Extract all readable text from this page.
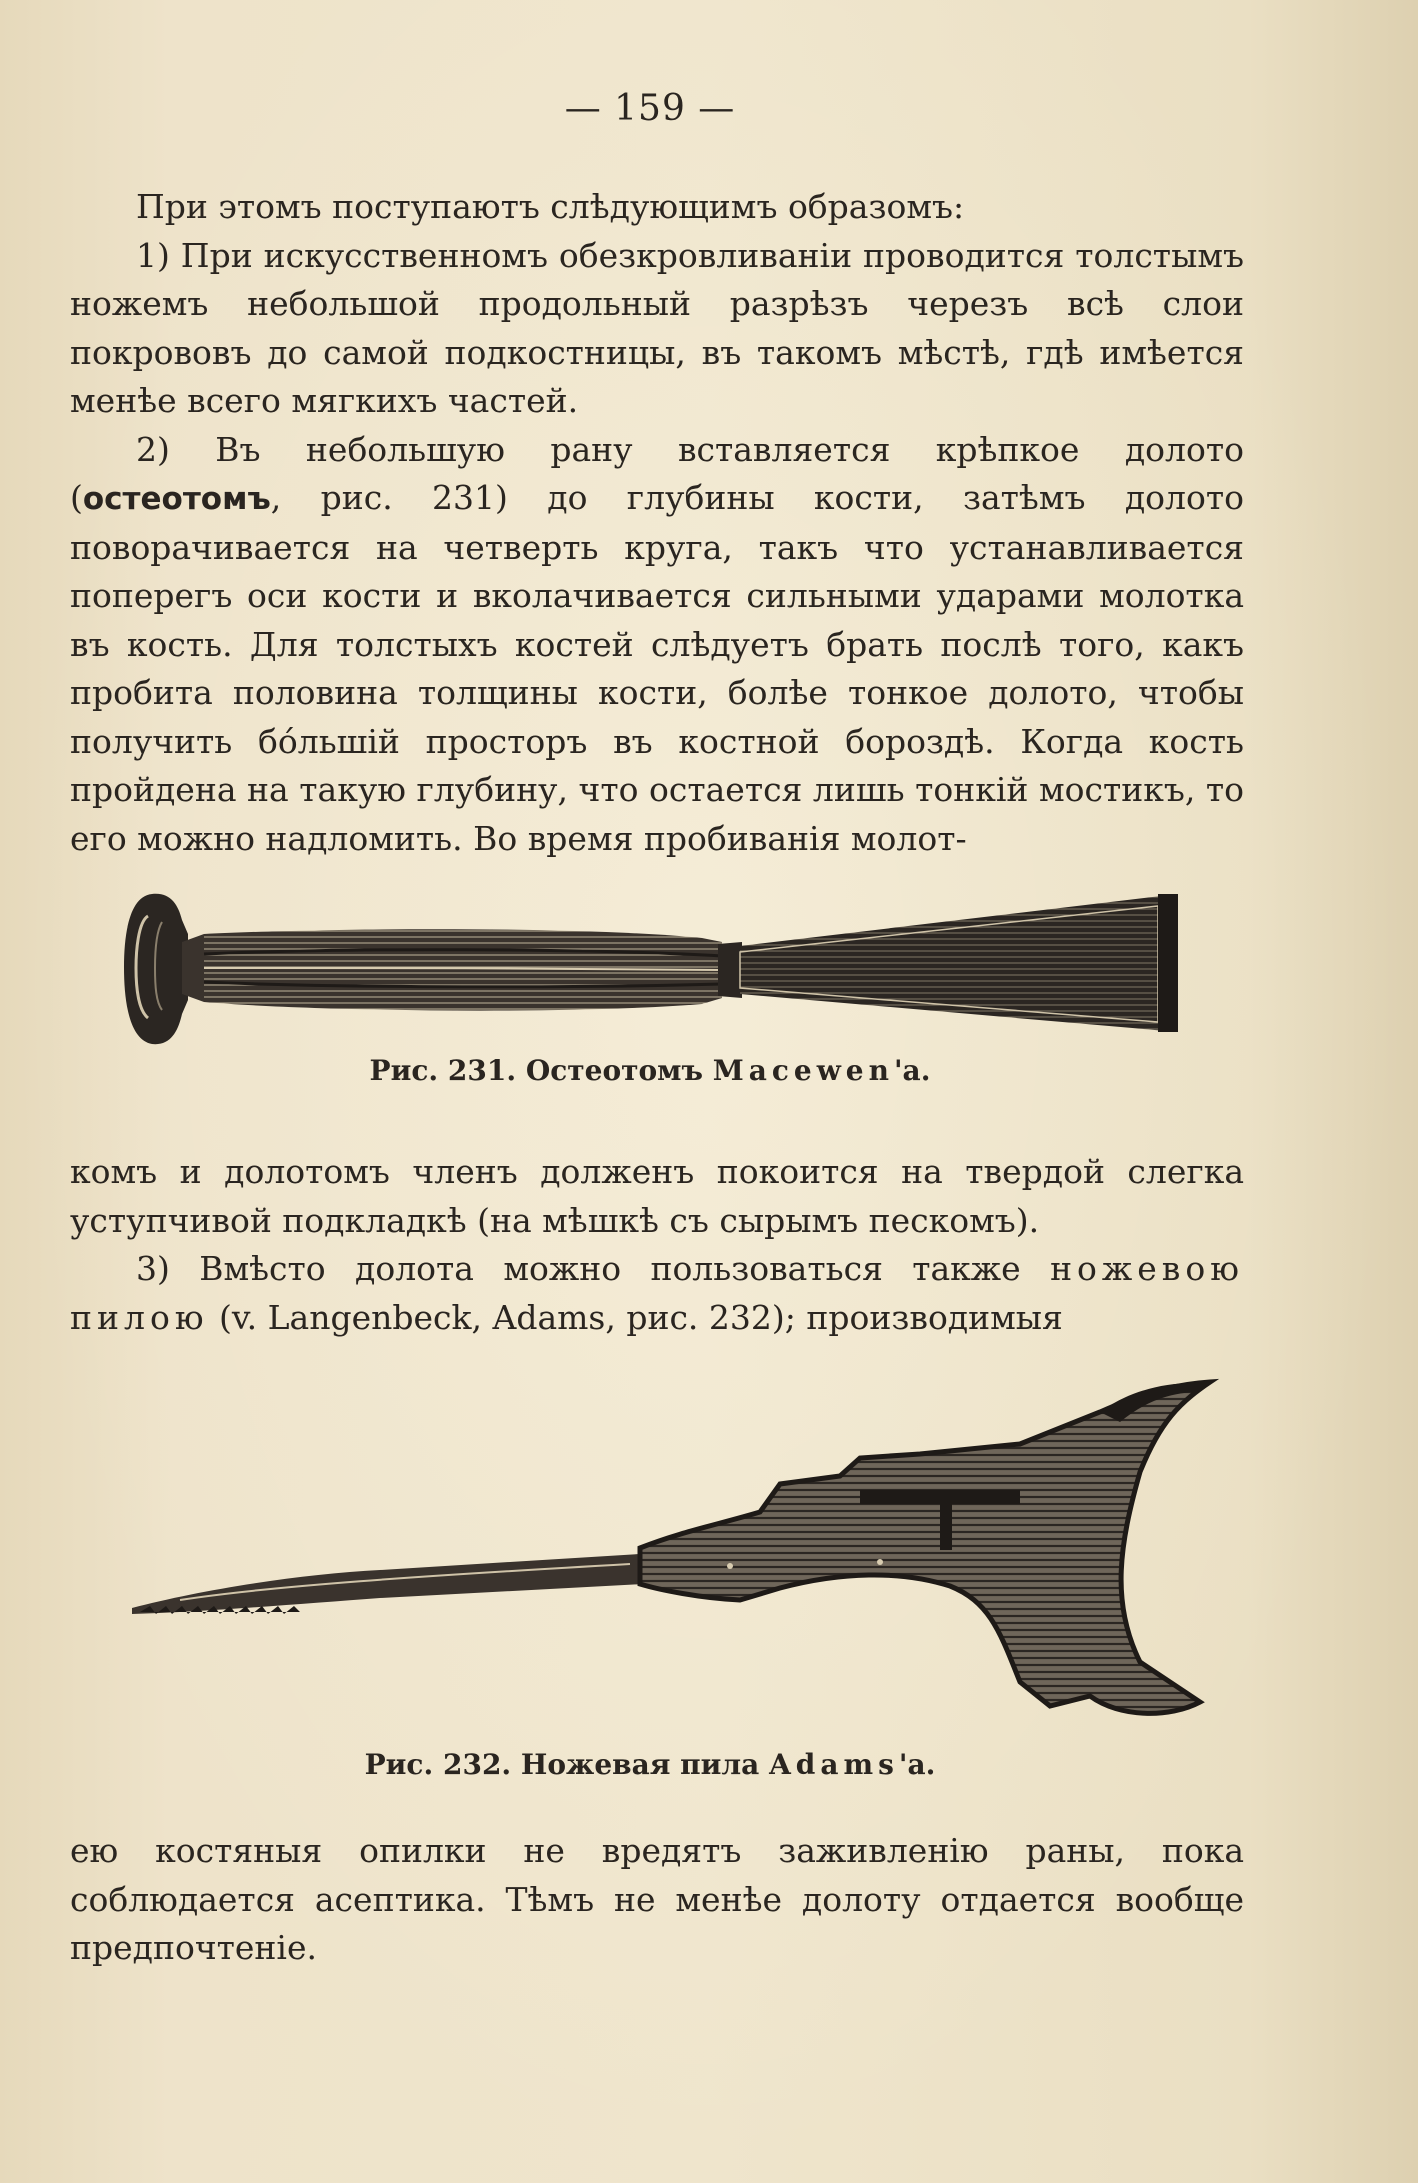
— 159 —

При этомъ поступаютъ слѣдующимъ образомъ:

1) При искусственномъ обезкровливаніи проводится толстымъ ножемъ небольшой продольный разрѣзъ черезъ всѣ слои покрововъ до самой подкостницы, въ такомъ мѣстѣ, гдѣ имѣется менѣе всего мягкихъ частей.

2) Въ небольшую рану вставляется крѣпкое долото (остеотомъ, рис. 231) до глубины кости, затѣмъ долото поворачивается на четверть круга, такъ что устанавливается поперегъ оси кости и вколачивается сильными ударами молотка въ кость. Для толстыхъ костей слѣдуетъ брать послѣ того, какъ пробита половина толщины кости, болѣе тонкое долото, чтобы получить бо́льшій просторъ въ костной бороздѣ. Когда кость пройдена на такую глубину, что остается лишь тонкій мостикъ, то его можно надломить. Во время пробиванія молот-

Рис. 231. Остеотомъ Macewen'a.

комъ и долотомъ членъ долженъ покоится на твердой слегка уступчивой подкладкѣ (на мѣшкѣ съ сырымъ пескомъ).

3) Вмѣсто долота можно пользоваться также ножевою пилою (v. Langenbeck, Adams, рис. 232); производимыя

Рис. 232. Ножевая пила Adams'a.

ею костяныя опилки не вредятъ заживленію раны, пока соблюдается асептика. Тѣмъ не менѣе долоту отдается вообще предпочтеніе.
